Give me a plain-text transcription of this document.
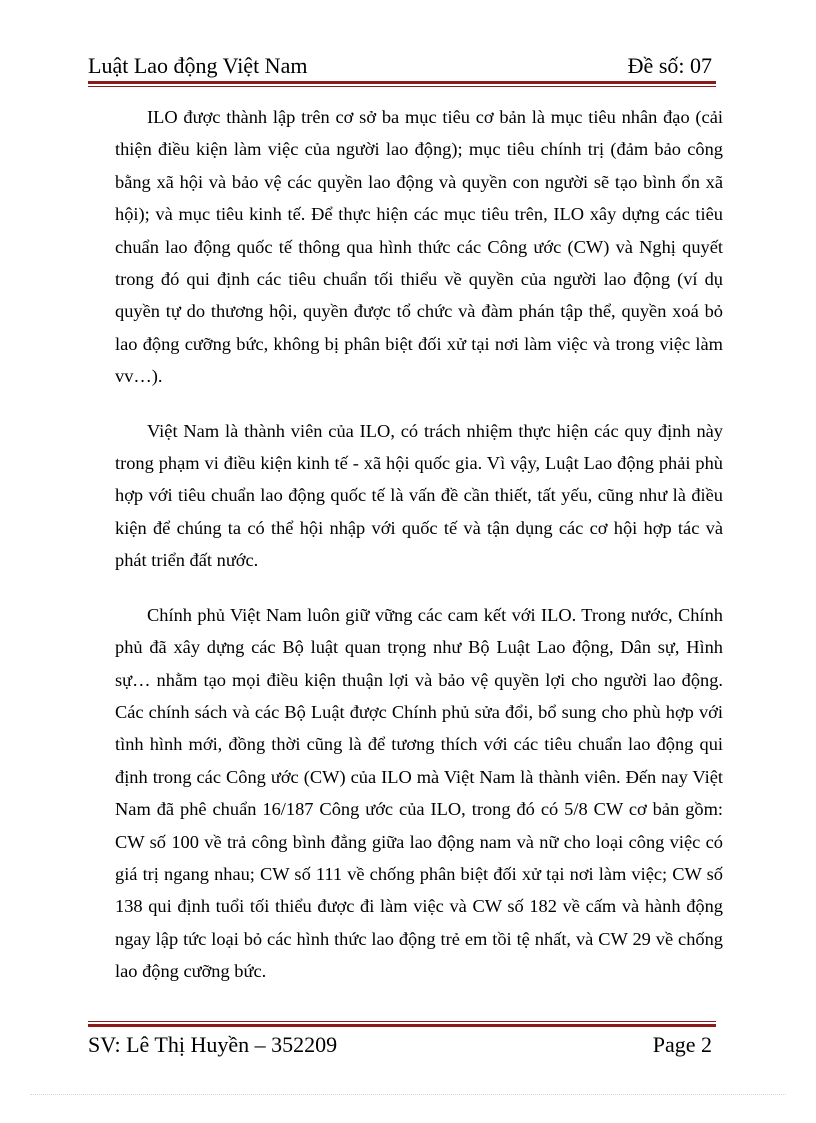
Luật Lao động Việt Nam	Đề số: 07

ILO được thành lập trên cơ sở ba mục tiêu cơ bản là mục tiêu nhân đạo (cải thiện điều kiện làm việc của người lao động); mục tiêu chính trị (đảm bảo công bằng xã hội và bảo vệ các quyền lao động và quyền con người sẽ tạo bình ổn xã hội); và mục tiêu kinh tế. Để thực hiện các mục tiêu trên, ILO xây dựng các tiêu chuẩn lao động quốc tế thông qua hình thức các Công ước (CW) và Nghị quyết trong đó qui định các tiêu chuẩn tối thiểu về quyền của người lao động (ví dụ quyền tự do thương hội, quyền được tổ chức và đàm phán tập thể, quyền xoá bỏ lao động cưỡng bức, không bị phân biệt đối xử tại nơi làm việc và trong việc làm vv…).

Việt Nam là thành viên của ILO, có trách nhiệm thực hiện các quy định này trong phạm vi điều kiện kinh tế - xã hội quốc gia. Vì vậy, Luật Lao động phải phù hợp với tiêu chuẩn lao động quốc tế là vấn đề cần thiết, tất yếu, cũng như là điều kiện để chúng ta có thể hội nhập với quốc tế và tận dụng các cơ hội hợp tác và phát triển đất nước.

Chính phủ Việt Nam luôn giữ vững các cam kết với ILO. Trong nước, Chính phủ đã xây dựng các Bộ luật quan trọng như Bộ Luật Lao động, Dân sự, Hình sự… nhằm tạo mọi điều kiện thuận lợi và bảo vệ quyền lợi cho người lao động. Các chính sách và các Bộ Luật được Chính phủ sửa đổi, bổ sung cho phù hợp với tình hình mới, đồng thời cũng là để tương thích với các tiêu chuẩn lao động qui định trong các Công ước (CW) của ILO mà Việt Nam là thành viên. Đến nay Việt Nam đã phê chuẩn 16/187 Công ước của ILO, trong đó có 5/8 CW cơ bản gồm: CW số 100 về trả công bình đẳng giữa lao động nam và nữ cho loại công việc có giá trị ngang nhau; CW số 111 về chống phân biệt đối xử tại nơi làm việc; CW số 138 qui định tuổi tối thiểu được đi làm việc và CW số 182 về cấm và hành động ngay lập tức loại bỏ các hình thức lao động trẻ em tồi tệ nhất, và CW 29 về chống lao động cưỡng bức.

SV: Lê Thị Huyền – 352209	Page 2
